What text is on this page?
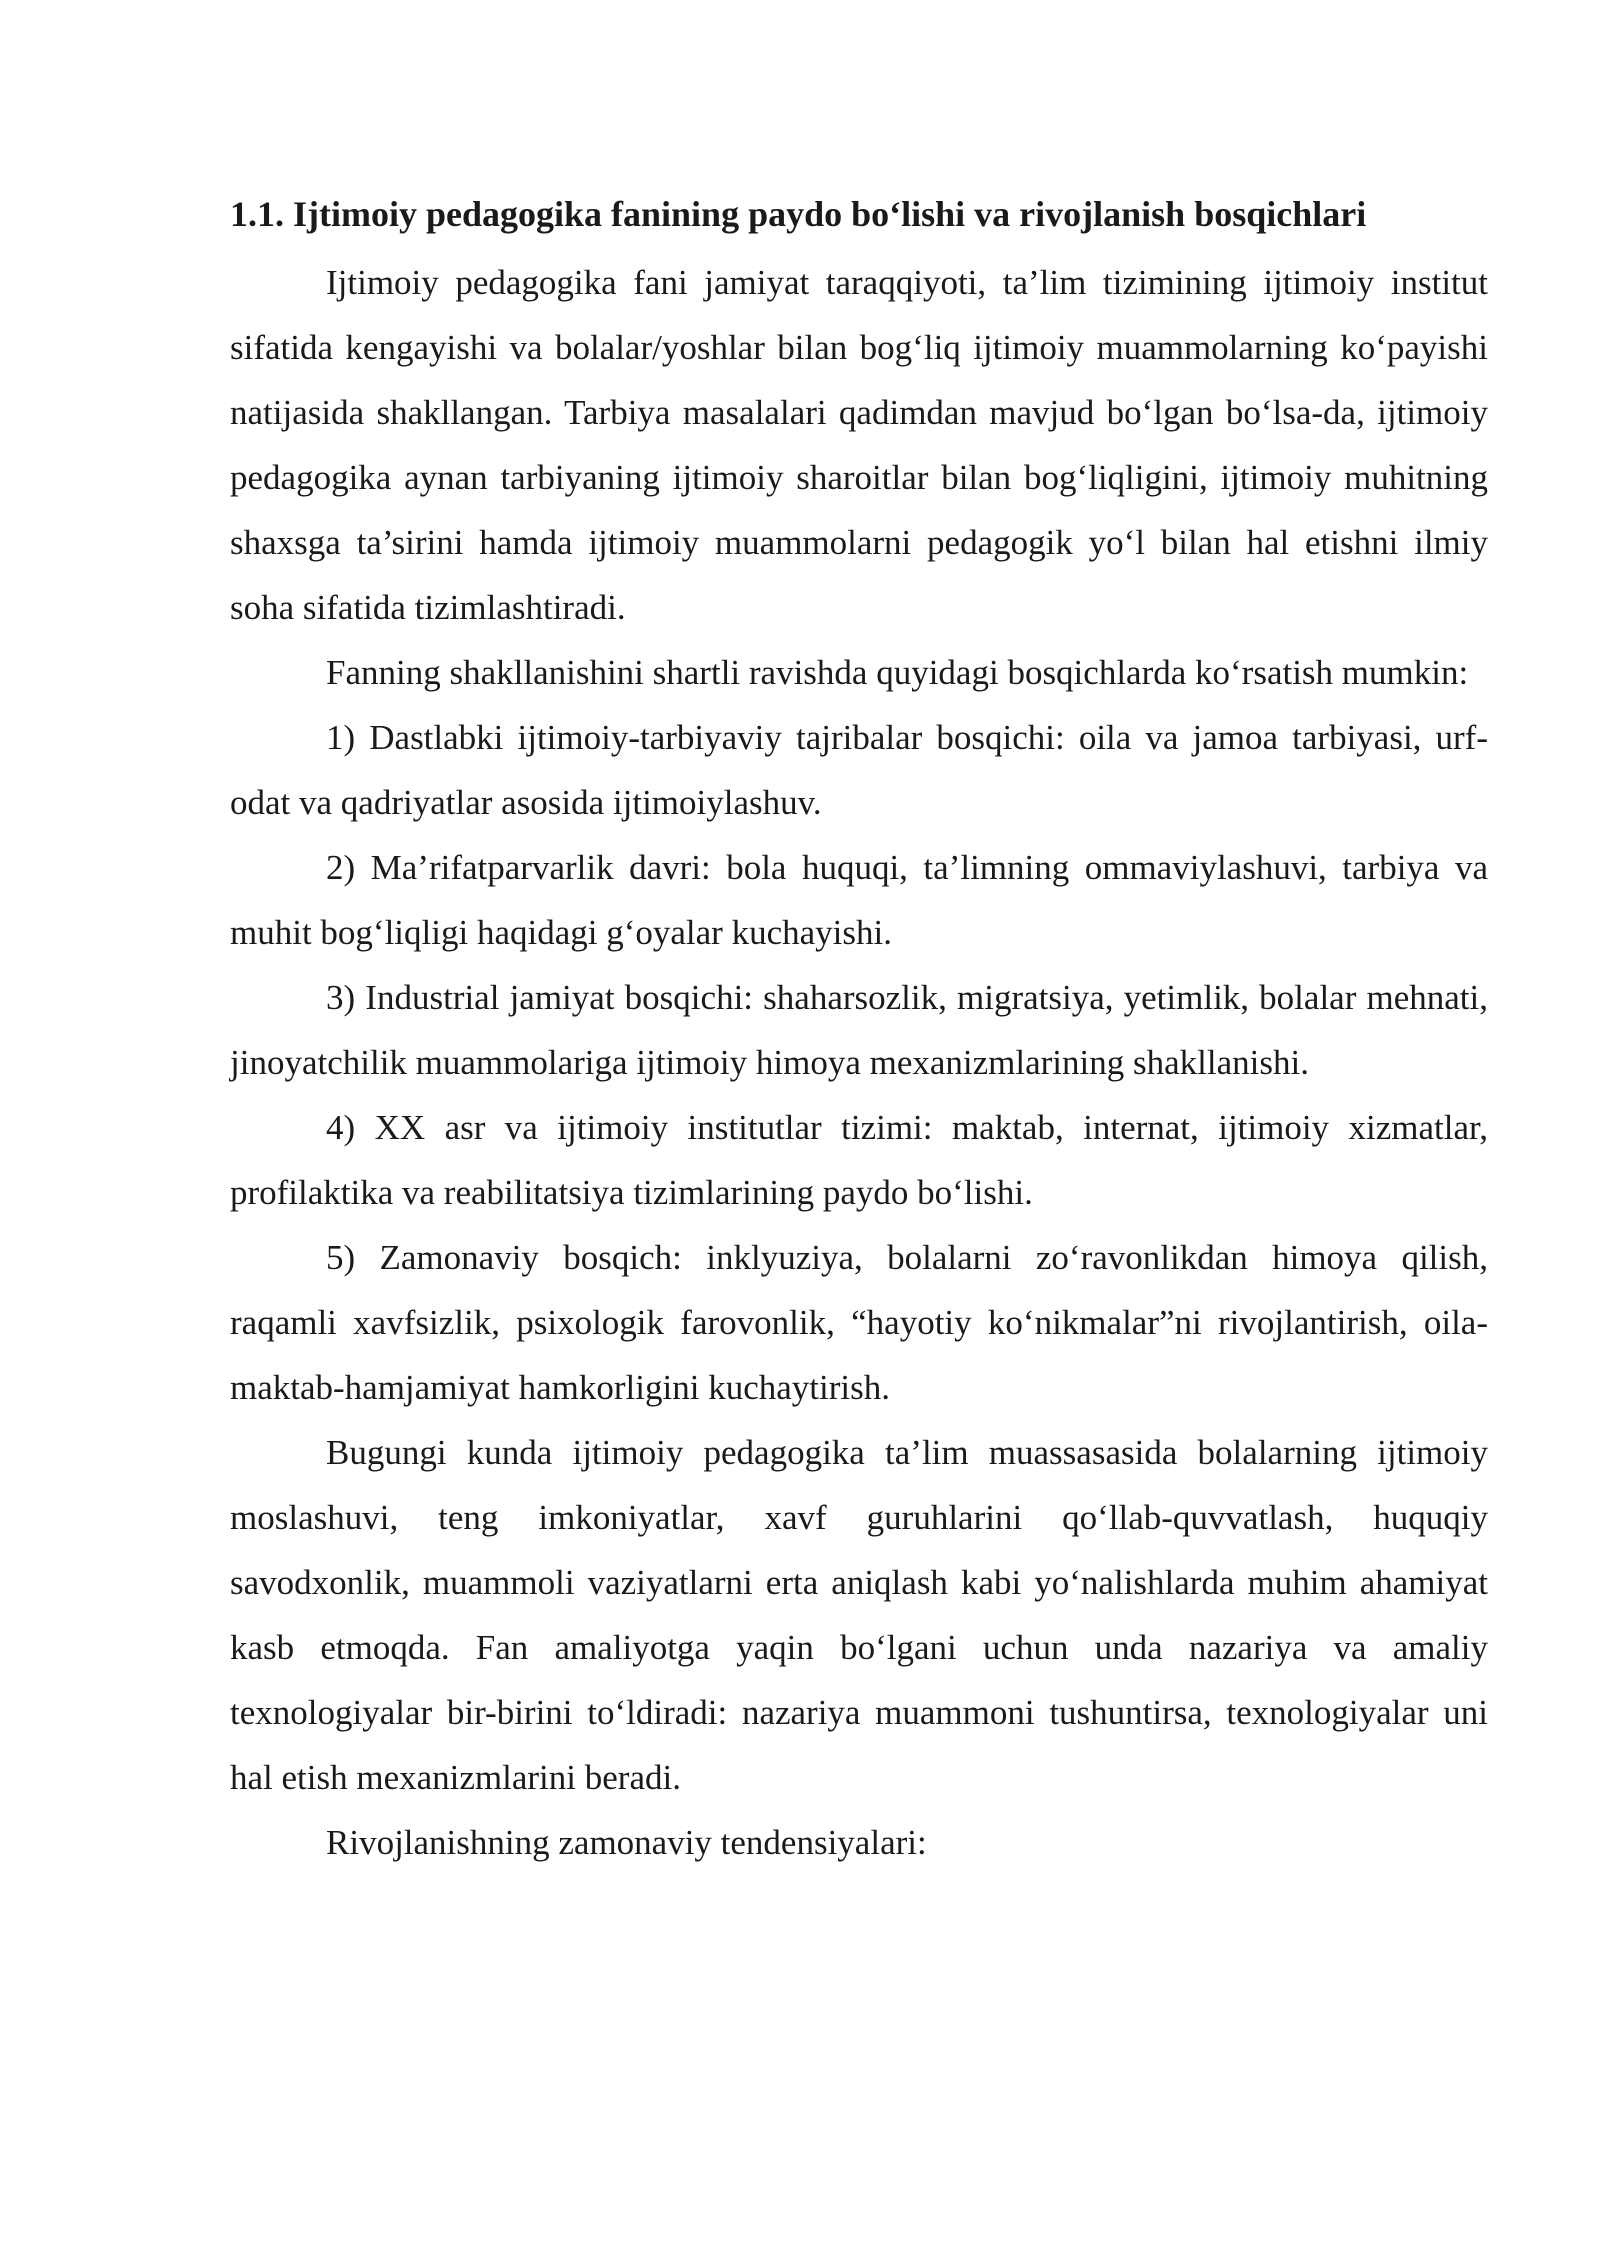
1.1. Ijtimoiy pedagogika fanining paydo bo‘lishi va rivojlanish bosqichlari

Ijtimoiy pedagogika fani jamiyat taraqqiyoti, ta’lim tizimining ijtimoiy institut sifatida kengayishi va bolalar/yoshlar bilan bog‘liq ijtimoiy muammolarning ko‘payishi natijasida shakllangan. Tarbiya masalalari qadimdan mavjud bo‘lgan bo‘lsa-da, ijtimoiy pedagogika aynan tarbiyaning ijtimoiy sharoitlar bilan bog‘liqligini, ijtimoiy muhitning shaxsga ta’sirini hamda ijtimoiy muammolarni pedagogik yo‘l bilan hal etishni ilmiy soha sifatida tizimlashtiradi.

Fanning shakllanishini shartli ravishda quyidagi bosqichlarda ko‘rsatish mumkin:

1) Dastlabki ijtimoiy-tarbiyaviy tajribalar bosqichi: oila va jamoa tarbiyasi, urf-odat va qadriyatlar asosida ijtimoiylashuv.

2) Ma’rifatparvarlik davri: bola huquqi, ta’limning ommaviylashuvi, tarbiya va muhit bog‘liqligi haqidagi g‘oyalar kuchayishi.

3) Industrial jamiyat bosqichi: shaharsozlik, migratsiya, yetimlik, bolalar mehnati, jinoyatchilik muammolariga ijtimoiy himoya mexanizmlarining shakllanishi.

4) XX asr va ijtimoiy institutlar tizimi: maktab, internat, ijtimoiy xizmatlar, profilaktika va reabilitatsiya tizimlarining paydo bo‘lishi.

5) Zamonaviy bosqich: inklyuziya, bolalarni zo‘ravonlikdan himoya qilish, raqamli xavfsizlik, psixologik farovonlik, “hayotiy ko‘nikmalar”ni rivojlantirish, oila-maktab-hamjamiyat hamkorligini kuchaytirish.

Bugungi kunda ijtimoiy pedagogika ta’lim muassasasida bolalarning ijtimoiy moslashuvi, teng imkoniyatlar, xavf guruhlarini qo‘llab-quvvatlash, huquqiy savodxonlik, muammoli vaziyatlarni erta aniqlash kabi yo‘nalishlarda muhim ahamiyat kasb etmoqda. Fan amaliyotga yaqin bo‘lgani uchun unda nazariya va amaliy texnologiyalar bir-birini to‘ldiradi: nazariya muammoni tushuntirsa, texnologiyalar uni hal etish mexanizmlarini beradi.

Rivojlanishning zamonaviy tendensiyalari:
